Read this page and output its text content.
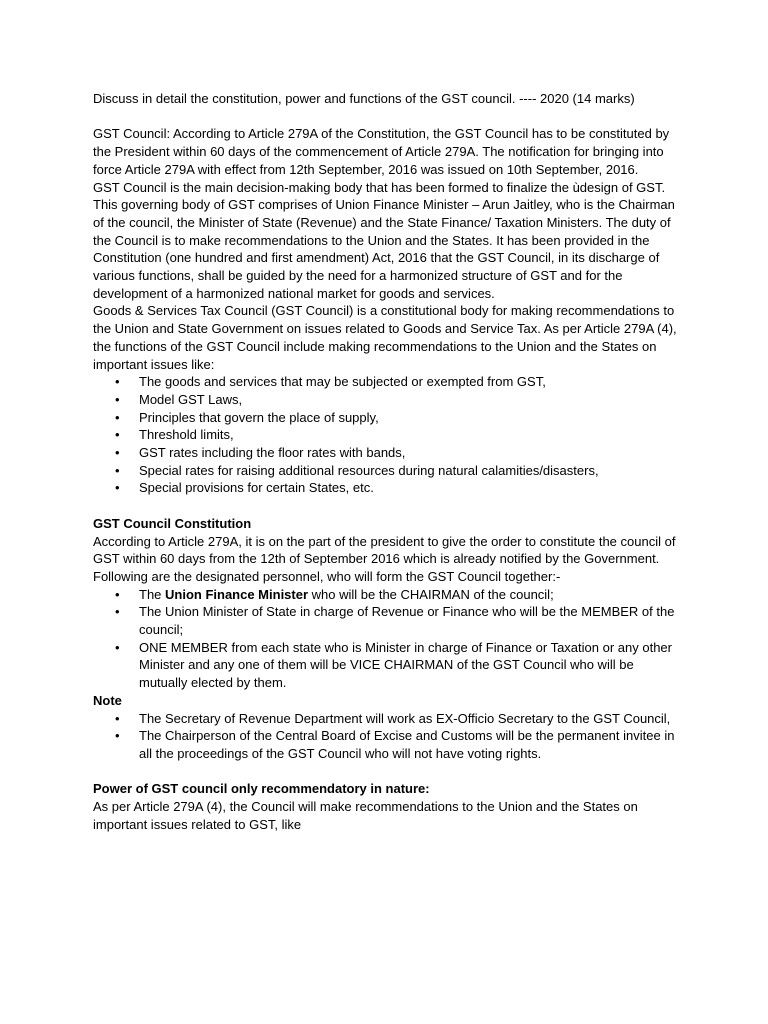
Discuss in detail the constitution, power and functions of the GST council. ---- 2020 (14 marks)

GST Council: According to Article 279A of the Constitution, the GST Council has to be constituted by the President within 60 days of the commencement of Article 279A. The notification for bringing into force Article 279A with effect from 12th September, 2016 was issued on 10th September, 2016.

GST Council is the main decision-making body that has been formed to finalize the ùdesign of GST. This governing body of GST comprises of Union Finance Minister – Arun Jaitley, who is the Chairman of the council, the Minister of State (Revenue) and the State Finance/ Taxation Ministers. The duty of the Council is to make recommendations to the Union and the States. It has been provided in the Constitution (one hundred and first amendment) Act, 2016 that the GST Council, in its discharge of various functions, shall be guided by the need for a harmonized structure of GST and for the development of a harmonized national market for goods and services.

Goods & Services Tax Council (GST Council) is a constitutional body for making recommendations to the Union and State Government on issues related to Goods and Service Tax. As per Article 279A (4), the functions of the GST Council include making recommendations to the Union and the States on important issues like:

• The goods and services that may be subjected or exempted from GST,
• Model GST Laws,
• Principles that govern the place of supply,
• Threshold limits,
• GST rates including the floor rates with bands,
• Special rates for raising additional resources during natural calamities/disasters,
• Special provisions for certain States, etc.

GST Council Constitution

According to Article 279A, it is on the part of the president to give the order to constitute the council of GST within 60 days from the 12th of September 2016 which is already notified by the Government.

Following are the designated personnel, who will form the GST Council together:-

• The Union Finance Minister who will be the CHAIRMAN of the council;
• The Union Minister of State in charge of Revenue or Finance who will be the MEMBER of the council;
• ONE MEMBER from each state who is Minister in charge of Finance or Taxation or any other Minister and any one of them will be VICE CHAIRMAN of the GST Council who will be mutually elected by them.

Note

• The Secretary of Revenue Department will work as EX-Officio Secretary to the GST Council,
• The Chairperson of the Central Board of Excise and Customs will be the permanent invitee in all the proceedings of the GST Council who will not have voting rights.

Power of GST council only recommendatory in nature:

As per Article 279A (4), the Council will make recommendations to the Union and the States on important issues related to GST, like
